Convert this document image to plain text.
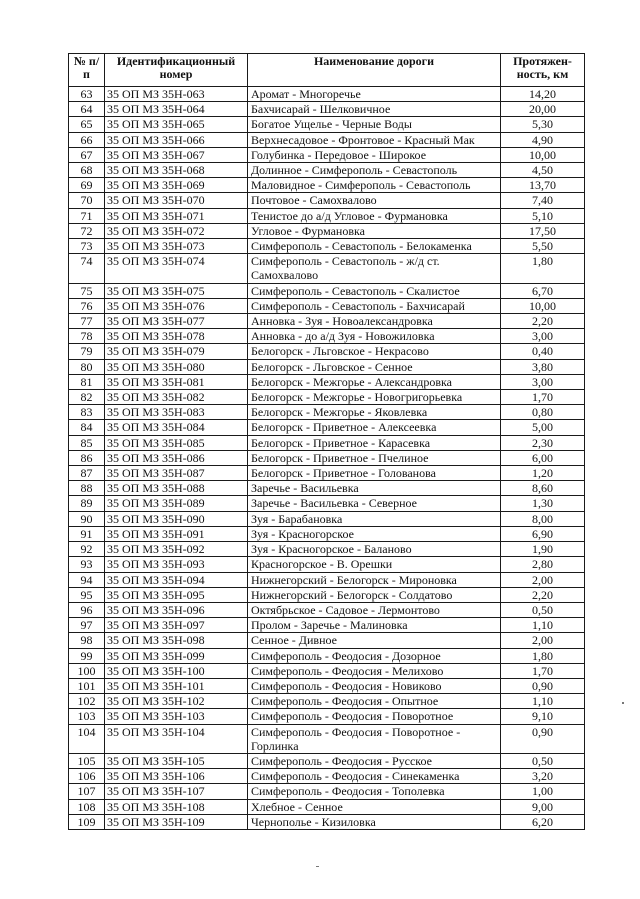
№ п/п	Идентификационный номер	Наименование дороги	Протяжен-ность, км
63	35 ОП МЗ 35Н-063	Аромат - Многоречье	14,20
64	35 ОП МЗ 35Н-064	Бахчисарай - Шелковичное	20,00
65	35 ОП МЗ 35Н-065	Богатое Ущелье - Черные Воды	5,30
66	35 ОП МЗ 35Н-066	Верхнесадовое - Фронтовое - Красный Мак	4,90
67	35 ОП МЗ 35Н-067	Голубинка - Передовое - Широкое	10,00
68	35 ОП МЗ 35Н-068	Долинное - Симферополь - Севастополь	4,50
69	35 ОП МЗ 35Н-069	Маловидное - Симферополь - Севастополь	13,70
70	35 ОП МЗ 35Н-070	Почтовое - Самохвалово	7,40
71	35 ОП МЗ 35Н-071	Тенистое до а/д Угловое - Фурмановка	5,10
72	35 ОП МЗ 35Н-072	Угловое - Фурмановка	17,50
73	35 ОП МЗ 35Н-073	Симферополь - Севастополь - Белокаменка	5,50
74	35 ОП МЗ 35Н-074	Симферополь - Севастополь - ж/д ст. Самохвалово	1,80
75	35 ОП МЗ 35Н-075	Симферополь - Севастополь - Скалистое	6,70
76	35 ОП МЗ 35Н-076	Симферополь - Севастополь - Бахчисарай	10,00
77	35 ОП МЗ 35Н-077	Анновка - Зуя - Новоалександровка	2,20
78	35 ОП МЗ 35Н-078	Анновка - до а/д Зуя - Новожиловка	3,00
79	35 ОП МЗ 35Н-079	Белогорск - Льговское - Некрасово	0,40
80	35 ОП МЗ 35Н-080	Белогорск - Льговское - Сенное	3,80
81	35 ОП МЗ 35Н-081	Белогорск - Межгорье - Александровка	3,00
82	35 ОП МЗ 35Н-082	Белогорск - Межгорье - Новогригорьевка	1,70
83	35 ОП МЗ 35Н-083	Белогорск - Межгорье - Яковлевка	0,80
84	35 ОП МЗ 35Н-084	Белогорск - Приветное - Алексеевка	5,00
85	35 ОП МЗ 35Н-085	Белогорск - Приветное - Карасевка	2,30
86	35 ОП МЗ 35Н-086	Белогорск - Приветное - Пчелиное	6,00
87	35 ОП МЗ 35Н-087	Белогорск - Приветное - Голованова	1,20
88	35 ОП МЗ 35Н-088	Заречье - Васильевка	8,60
89	35 ОП МЗ 35Н-089	Заречье - Васильевка - Северное	1,30
90	35 ОП МЗ 35Н-090	Зуя - Барабановка	8,00
91	35 ОП МЗ 35Н-091	Зуя - Красногорское	6,90
92	35 ОП МЗ 35Н-092	Зуя - Красногорское - Баланово	1,90
93	35 ОП МЗ 35Н-093	Красногорское - В. Орешки	2,80
94	35 ОП МЗ 35Н-094	Нижнегорский - Белогорск - Мироновка	2,00
95	35 ОП МЗ 35Н-095	Нижнегорский - Белогорск - Солдатово	2,20
96	35 ОП МЗ 35Н-096	Октябрьское - Садовое - Лермонтово	0,50
97	35 ОП МЗ 35Н-097	Пролом - Заречье - Малиновка	1,10
98	35 ОП МЗ 35Н-098	Сенное - Дивное	2,00
99	35 ОП МЗ 35Н-099	Симферополь - Феодосия - Дозорное	1,80
100	35 ОП МЗ 35Н-100	Симферополь - Феодосия - Мелихово	1,70
101	35 ОП МЗ 35Н-101	Симферополь - Феодосия - Новиково	0,90
102	35 ОП МЗ 35Н-102	Симферополь - Феодосия - Опытное	1,10
103	35 ОП МЗ 35Н-103	Симферополь - Феодосия - Поворотное	9,10
104	35 ОП МЗ 35Н-104	Симферополь - Феодосия - Поворотное - Горлинка	0,90
105	35 ОП МЗ 35Н-105	Симферополь - Феодосия - Русское	0,50
106	35 ОП МЗ 35Н-106	Симферополь - Феодосия - Синекаменка	3,20
107	35 ОП МЗ 35Н-107	Симферополь - Феодосия - Тополевка	1,00
108	35 ОП МЗ 35Н-108	Хлебное - Сенное	9,00
109	35 ОП МЗ 35Н-109	Чернополье - Кизиловка	6,20
